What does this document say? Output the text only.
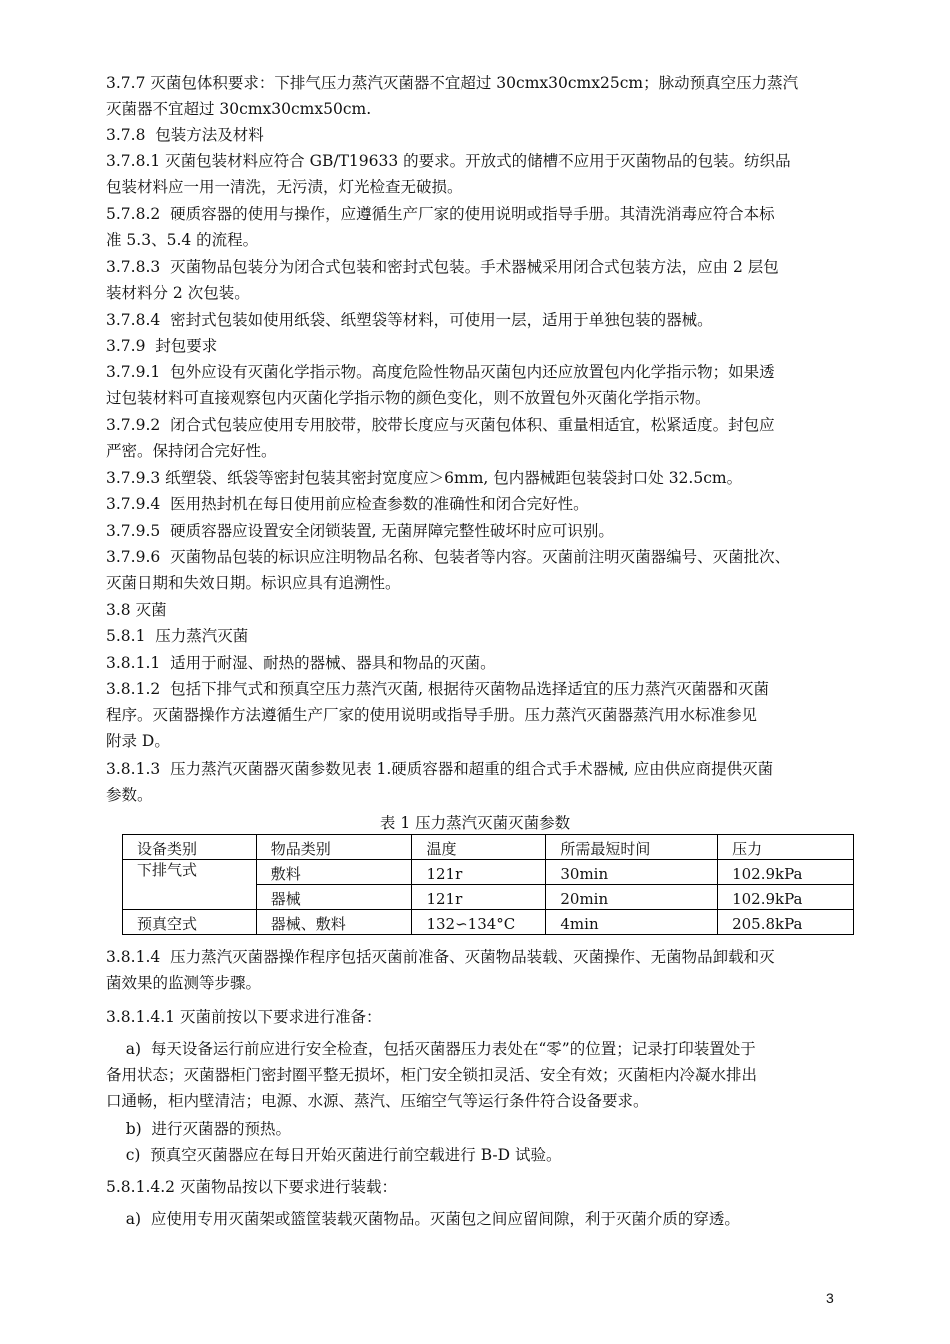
3.7.7 灭菌包体积要求：下排气压力蒸汽灭菌器不宜超过 30cmx30cmx25cm；脉动预真空压力蒸汽
灭菌器不宜超过 30cmx30cmx50cm.

3.7.8  包装方法及材料

3.7.8.1 灭菌包装材料应符合 GB/T19633 的要求。开放式的储槽不应用于灭菌物品的包装。纺织品
包装材料应一用一清洗，无污渍，灯光检查无破损。

5.7.8.2  硬质容器的使用与操作，应遵循生产厂家的使用说明或指导手册。其清洗消毒应符合本标
准 5.3、5.4 的流程。

3.7.8.3  灭菌物品包装分为闭合式包装和密封式包装。手术器械采用闭合式包装方法，应由 2 层包
装材料分 2 次包装。

3.7.8.4  密封式包装如使用纸袋、纸塑袋等材料，可使用一层，适用于单独包装的器械。

3.7.9  封包要求

3.7.9.1  包外应设有灭菌化学指示物。高度危险性物品灭菌包内还应放置包内化学指示物；如果透
过包装材料可直接观察包内灭菌化学指示物的颜色变化，则不放置包外灭菌化学指示物。

3.7.9.2  闭合式包装应使用专用胶带，胶带长度应与灭菌包体积、重量相适宜，松紧适度。封包应
严密。保持闭合完好性。

3.7.9.3 纸塑袋、纸袋等密封包装其密封宽度应＞6mm, 包内器械距包装袋封口处 32.5cm。

3.7.9.4  医用热封机在每日使用前应检查参数的准确性和闭合完好性。

3.7.9.5  硬质容器应设置安全闭锁装置, 无菌屏障完整性破坏时应可识别。

3.7.9.6  灭菌物品包装的标识应注明物品名称、包装者等内容。灭菌前注明灭菌器编号、灭菌批次、
灭菌日期和失效日期。标识应具有追溯性。

3.8 灭菌

5.8.1  压力蒸汽灭菌

3.8.1.1  适用于耐湿、耐热的器械、器具和物品的灭菌。

3.8.1.2  包括下排气式和预真空压力蒸汽灭菌, 根据待灭菌物品选择适宜的压力蒸汽灭菌器和灭菌
程序。灭菌器操作方法遵循生产厂家的使用说明或指导手册。压力蒸汽灭菌器蒸汽用水标准参见
附录 D。

3.8.1.3  压力蒸汽灭菌器灭菌参数见表 1.硬质容器和超重的组合式手术器械, 应由供应商提供灭菌
参数。

表 1 压力蒸汽灭菌灭菌参数
设备类别	物品类别	温度	所需最短时间	压力
下排气式	敷料	121r	30min	102.9kPa
	器械	121r	20min	102.9kPa
预真空式	器械、敷料	132∽134°C	4min	205.8kPa

3.8.1.4  压力蒸汽灭菌器操作程序包括灭菌前准备、灭菌物品装载、灭菌操作、无菌物品卸载和灭
菌效果的监测等步骤。

3.8.1.4.1 灭菌前按以下要求进行准备：

a)  每天设备运行前应进行安全检查，包括灭菌器压力表处在“零”的位置；记录打印装置处于
备用状态；灭菌器柜门密封圈平整无损坏，柜门安全锁扣灵活、安全有效；灭菌柜内冷凝水排出
口通畅，柜内壁清洁；电源、水源、蒸汽、压缩空气等运行条件符合设备要求。

b)  进行灭菌器的预热。

c)  预真空灭菌器应在每日开始灭菌进行前空载进行 B-D 试验。

5.8.1.4.2 灭菌物品按以下要求进行装载：

a)  应使用专用灭菌架或篮筐装载灭菌物品。灭菌包之间应留间隙，利于灭菌介质的穿透。

3
